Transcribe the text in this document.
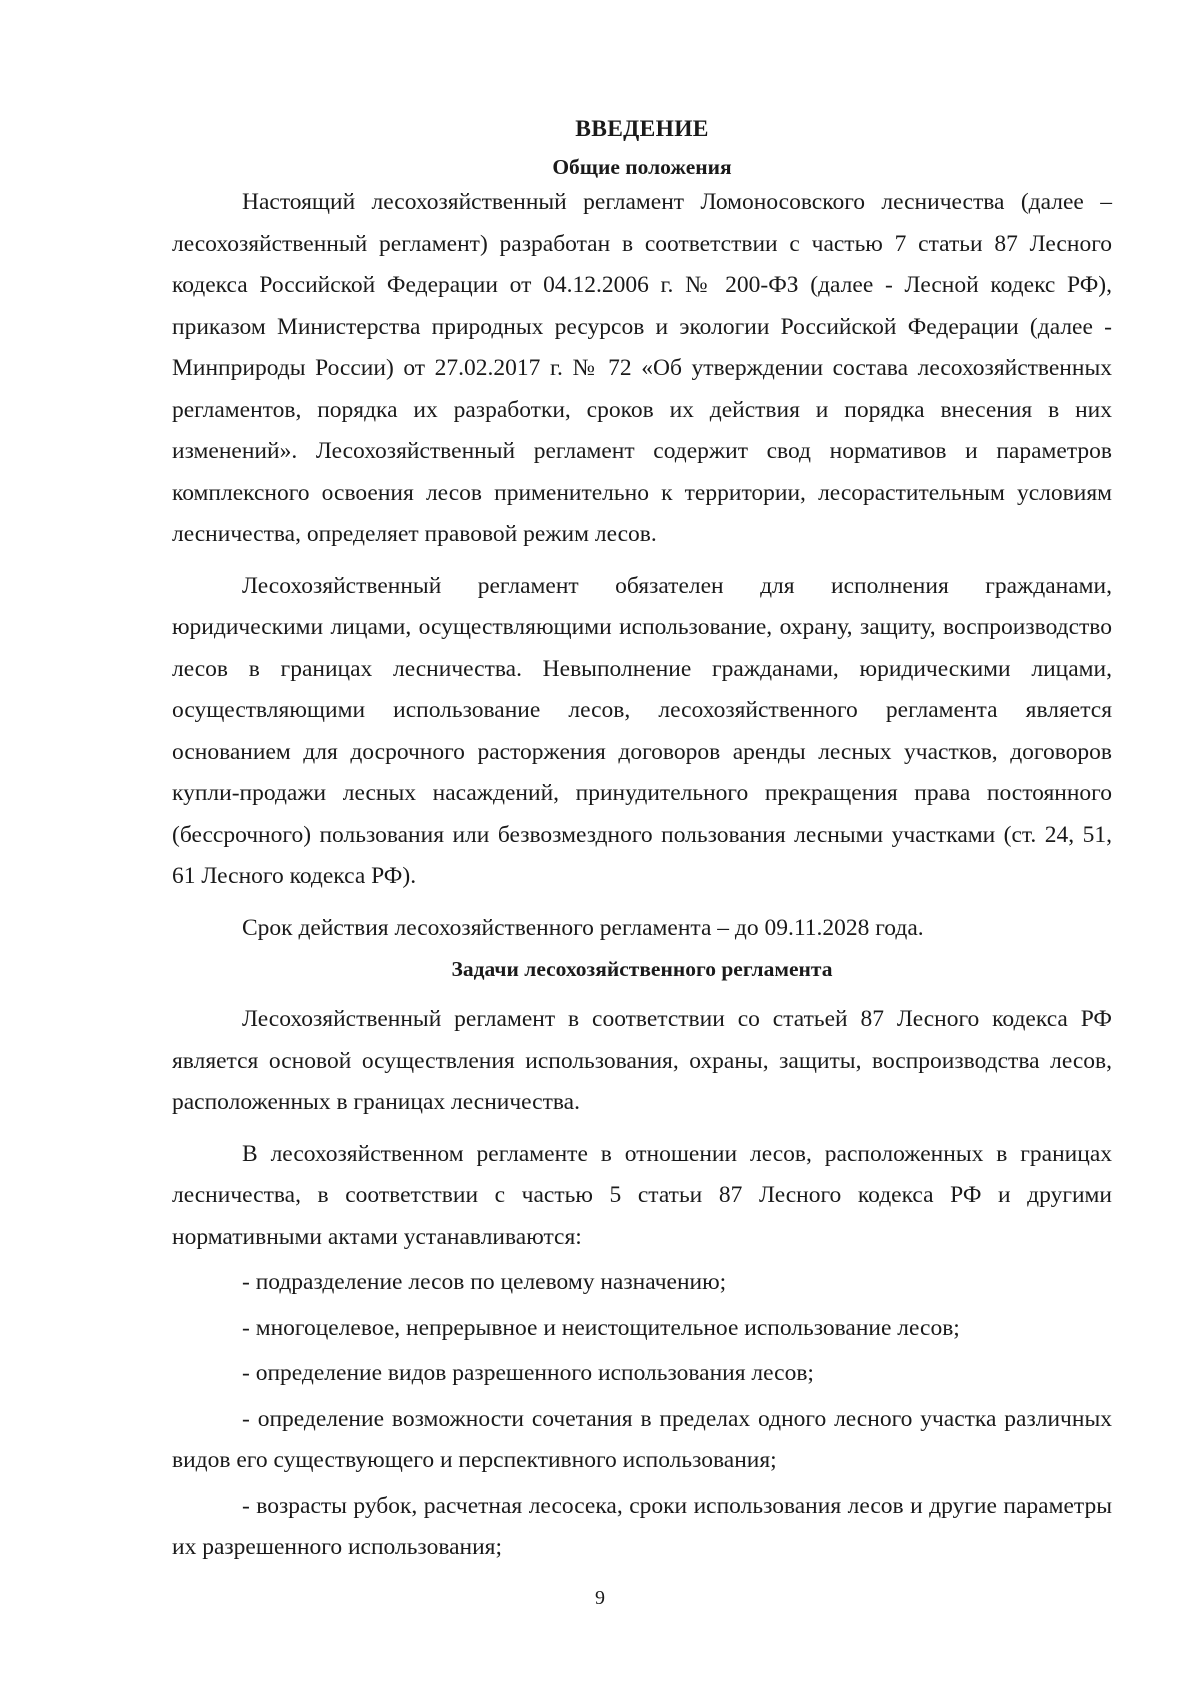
ВВЕДЕНИЕ
Общие положения

Настоящий лесохозяйственный регламент Ломоносовского лесничества (далее – лесохозяйственный регламент) разработан в соответствии с частью 7 статьи 87 Лесного кодекса Российской Федерации от 04.12.2006 г. № 200-ФЗ (далее - Лесной кодекс РФ), приказом Министерства природных ресурсов и экологии Российской Федерации (далее - Минприроды России) от 27.02.2017 г. № 72 «Об утверждении состава лесохозяйственных регламентов, порядка их разработки, сроков их действия и порядка внесения в них изменений». Лесохозяйственный регламент содержит свод нормативов и параметров комплексного освоения лесов применительно к территории, лесорастительным условиям лесничества, определяет правовой режим лесов.

Лесохозяйственный регламент обязателен для исполнения гражданами, юридическими лицами, осуществляющими использование, охрану, защиту, воспроизводство лесов в границах лесничества. Невыполнение гражданами, юридическими лицами, осуществляющими использование лесов, лесохозяйственного регламента является основанием для досрочного расторжения договоров аренды лесных участков, договоров купли-продажи лесных насаждений, принудительного прекращения права постоянного (бессрочного) пользования или безвозмездного пользования лесными участками (ст. 24, 51, 61 Лесного кодекса РФ).

Срок действия лесохозяйственного регламента – до 09.11.2028 года.

Задачи лесохозяйственного регламента

Лесохозяйственный регламент в соответствии со статьей 87 Лесного кодекса РФ является основой осуществления использования, охраны, защиты, воспроизводства лесов, расположенных в границах лесничества.

В лесохозяйственном регламенте в отношении лесов, расположенных в границах лесничества, в соответствии с частью 5 статьи 87 Лесного кодекса РФ и другими нормативными актами устанавливаются:

- подразделение лесов по целевому назначению;
- многоцелевое, непрерывное и неистощительное использование лесов;
- определение видов разрешенного использования лесов;
- определение возможности сочетания в пределах одного лесного участка различных видов его существующего и перспективного использования;
- возрасты рубок, расчетная лесосека, сроки использования лесов и другие параметры их разрешенного использования;
9
